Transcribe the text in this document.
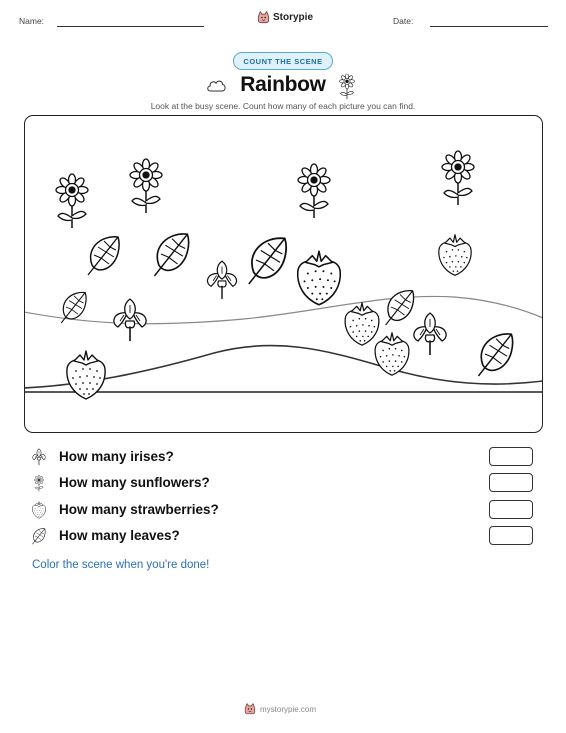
Name:	Storypie	Date:
COUNT THE SCENE
Rainbow
Look at the busy scene. Count how many of each picture you can find.
How many irises?
How many sunflowers?
How many strawberries?
How many leaves?
Color the scene when you're done!
mystorypie.com
